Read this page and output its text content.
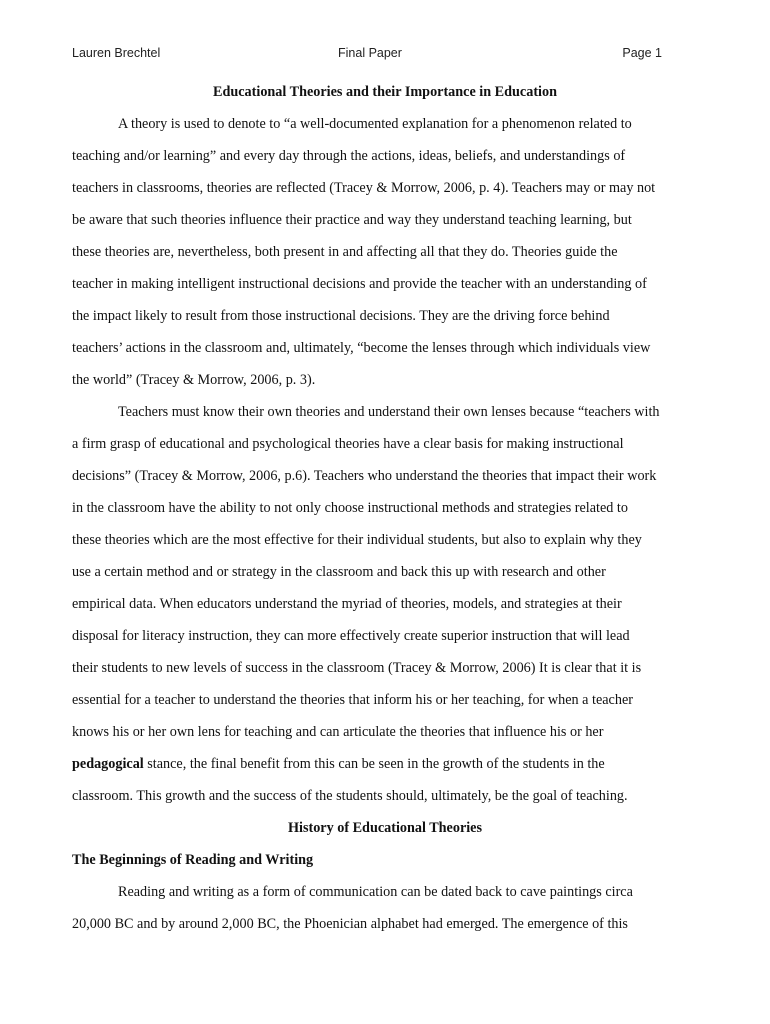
Lauren Brechtel	Final Paper	Page 1
Educational Theories and their Importance in Education
A theory is used to denote to “a well-documented explanation for a phenomenon related to
teaching and/or learning” and every day through the actions, ideas, beliefs, and understandings of
teachers in classrooms, theories are reflected (Tracey & Morrow, 2006, p. 4). Teachers may or may not
be aware that such theories influence their practice and way they understand teaching learning, but
these theories are, nevertheless, both present in and affecting all that they do. Theories guide the
teacher in making intelligent instructional decisions and provide the teacher with an understanding of
the impact likely to result from those instructional decisions. They are the driving force behind
teachers’ actions in the classroom and, ultimately, “become the lenses through which individuals view
the world” (Tracey & Morrow, 2006, p. 3).
Teachers must know their own theories and understand their own lenses because “teachers with
a firm grasp of educational and psychological theories have a clear basis for making instructional
decisions” (Tracey & Morrow, 2006, p.6). Teachers who understand the theories that impact their work
in the classroom have the ability to not only choose instructional methods and strategies related to
these theories which are the most effective for their individual students, but also to explain why they
use a certain method and or strategy in the classroom and back this up with research and other
empirical data. When educators understand the myriad of theories, models, and strategies at their
disposal for literacy instruction, they can more effectively create superior instruction that will lead
their students to new levels of success in the classroom (Tracey & Morrow, 2006) It is clear that it is
essential for a teacher to understand the theories that inform his or her teaching, for when a teacher
knows his or her own lens for teaching and can articulate the theories that influence his or her
pedagogical stance, the final benefit from this can be seen in the growth of the students in the
classroom. This growth and the success of the students should, ultimately, be the goal of teaching.
History of Educational Theories
The Beginnings of Reading and Writing
Reading and writing as a form of communication can be dated back to cave paintings circa
20,000 BC and by around 2,000 BC, the Phoenician alphabet had emerged. The emergence of this
